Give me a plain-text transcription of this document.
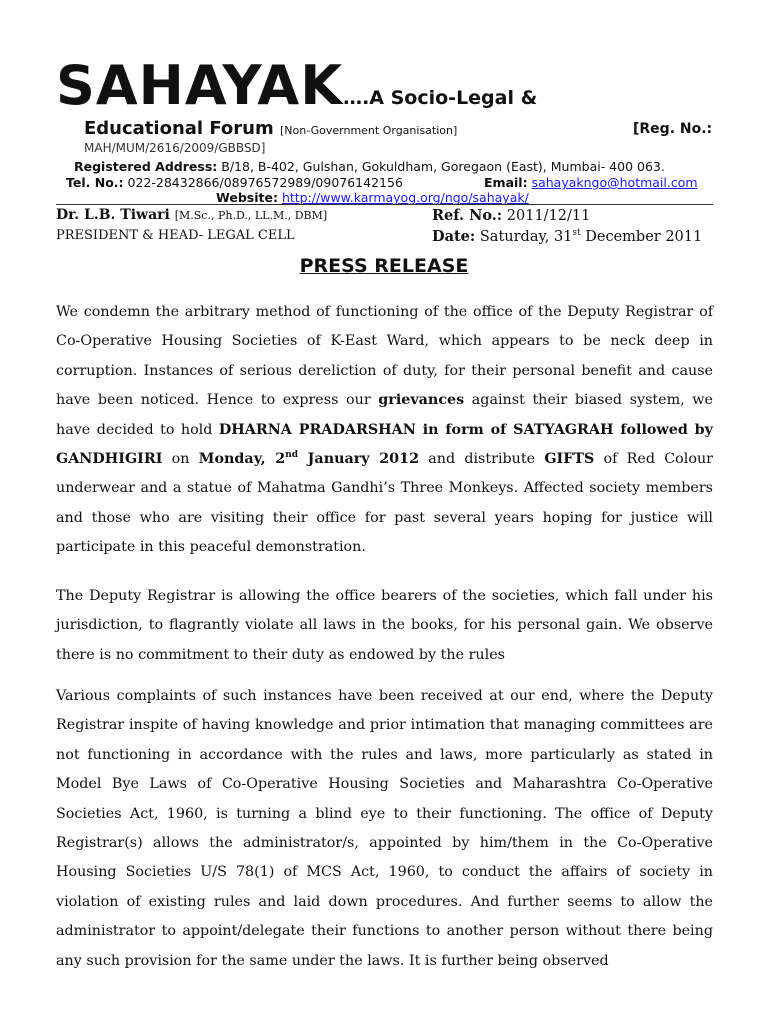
SAHAYAK….A Socio-Legal &
Educational Forum [Non-Government Organisation]	[Reg. No.:
MAH/MUM/2616/2009/GBBSD]
Registered Address: B/18, B-402, Gulshan, Gokuldham, Goregaon (East), Mumbai- 400 063.
Tel. No.: 022-28432866/08976572989/09076142156	Email: sahayakngo@hotmail.com
Website: http://www.karmayog.org/ngo/sahayak/
Dr. L.B. Tiwari [M.Sc., Ph.D., LL.M., DBM]
PRESIDENT & HEAD- LEGAL CELL
Ref. No.: 2011/12/11
Date: Saturday, 31st December 2011
PRESS RELEASE

We condemn the arbitrary method of functioning of the office of the Deputy Registrar of Co-Operative Housing Societies of K-East Ward, which appears to be neck deep in corruption. Instances of serious dereliction of duty, for their personal benefit and cause have been noticed. Hence to express our grievances against their biased system, we have decided to hold DHARNA PRADARSHAN in form of SATYAGRAH followed by GANDHIGIRI on Monday, 2nd January 2012 and distribute GIFTS of Red Colour underwear and a statue of Mahatma Gandhi’s Three Monkeys. Affected society members and those who are visiting their office for past several years hoping for justice will participate in this peaceful demonstration.

The Deputy Registrar is allowing the office bearers of the societies, which fall under his jurisdiction, to flagrantly violate all laws in the books, for his personal gain. We observe there is no commitment to their duty as endowed by the rules

Various complaints of such instances have been received at our end, where the Deputy Registrar inspite of having knowledge and prior intimation that managing committees are not functioning in accordance with the rules and laws, more particularly as stated in Model Bye Laws of Co-Operative Housing Societies and Maharashtra Co-Operative Societies Act, 1960, is turning a blind eye to their functioning. The office of Deputy Registrar(s) allows the administrator/s, appointed by him/them in the Co-Operative Housing Societies U/S 78(1) of MCS Act, 1960, to conduct the affairs of society in violation of existing rules and laid down procedures. And further seems to allow the administrator to appoint/delegate their functions to another person without there being any such provision for the same under the laws. It is further being observed
